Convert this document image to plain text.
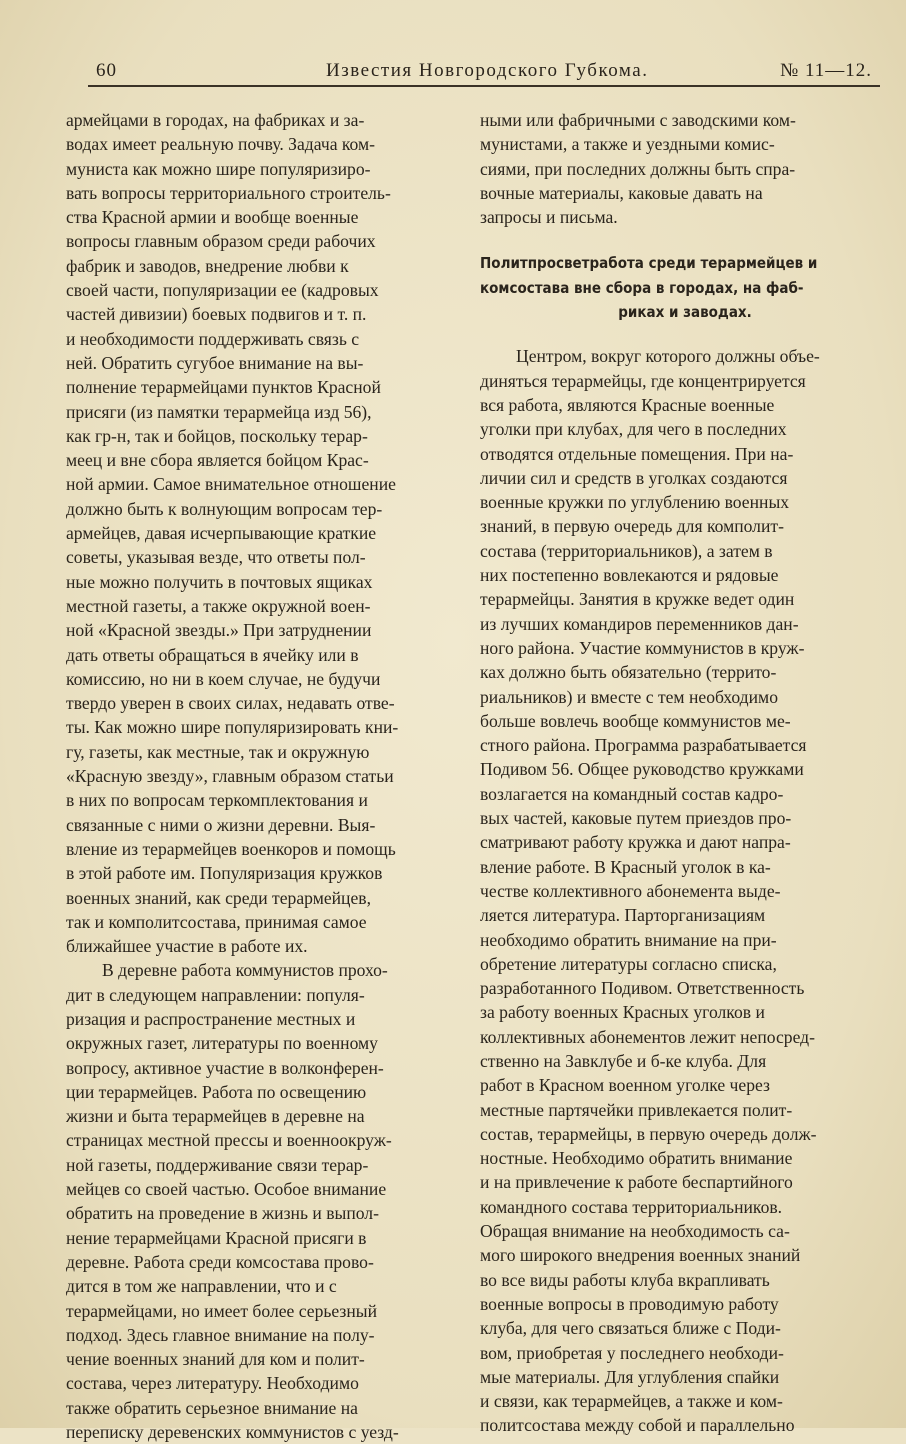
60	Известия Новгородского Губкома.	№ 11—12.
армейцами в городах, на фабриках и за-
водах имеет реальную почву. Задача ком-
муниста как можно шире популяризиро-
вать вопросы территориального строитель-
ства Красной армии и вообще военные
вопросы главным образом среди рабочих
фабрик и заводов, внедрение любви к
своей части, популяризации ее (кадровых
частей дивизии) боевых подвигов и т. п.
и необходимости поддерживать связь с
ней. Обратить сугубое внимание на вы-
полнение терармейцами пунктов Красной
присяги (из памятки терармейца изд 56),
как гр-н, так и бойцов, поскольку терар-
меец и вне сбора является бойцом Крас-
ной армии. Самое внимательное отношение
должно быть к волнующим вопросам тер-
армейцев, давая исчерпывающие краткие
советы, указывая везде, что ответы пол-
ные можно получить в почтовых ящиках
местной газеты, а также окружной воен-
ной «Красной звезды.» При затруднении
дать ответы обращаться в ячейку или в
комиссию, но ни в коем случае, не будучи
твердо уверен в своих силах, недавать отве-
ты. Как можно шире популяризировать кни-
гу, газеты, как местные, так и окружную
«Красную звезду», главным образом статьи
в них по вопросам теркомплектования и
связанные с ними о жизни деревни. Выя-
вление из терармейцев военкоров и помощь
в этой работе им. Популяризация кружков
военных знаний, как среди терармейцев,
так и комполитсостава, принимая самое
ближайшее участие в работе их.
В деревне работа коммунистов прохо-
дит в следующем направлении: популя-
ризация и распространение местных и
окружных газет, литературы по военному
вопросу, активное участие в волконферен-
ции терармейцев. Работа по освещению
жизни и быта терармейцев в деревне на
страницах местной прессы и военноокруж-
ной газеты, поддерживание связи терар-
мейцев со своей частью. Особое внимание
обратить на проведение в жизнь и выпол-
нение терармейцами Красной присяги в
деревне. Работа среди комсостава прово-
дится в том же направлении, что и с
терармейцами, но имеет более серьезный
подход. Здесь главное внимание на полу-
чение военных знаний для ком и полит-
состава, через литературу. Необходимо
также обратить серьезное внимание на
переписку деревенских коммунистов с уезд-
ными или фабричными с заводскими ком-
мунистами, а также и уездными комис-
сиями, при последних должны быть спра-
вочные материалы, каковые давать на
запросы и письма.
Политпросветработа среди терармейцев и
комсостава вне сбора в городах, на фаб-
риках и заводах.
Центром, вокруг которого должны объе-
диняться терармейцы, где концентрируется
вся работа, являются Красные военные
уголки при клубах, для чего в последних
отводятся отдельные помещения. При на-
личии сил и средств в уголках создаются
военные кружки по углублению военных
знаний, в первую очередь для комполит-
состава (территориальников), а затем в
них постепенно вовлекаются и рядовые
терармейцы. Занятия в кружке ведет один
из лучших командиров переменников дан-
ного района. Участие коммунистов в круж-
ках должно быть обязательно (террито-
риальников) и вместе с тем необходимо
больше вовлечь вообще коммунистов ме-
стного района. Программа разрабатывается
Подивом 56. Общее руководство кружками
возлагается на командный состав кадро-
вых частей, каковые путем приездов про-
сматривают работу кружка и дают напра-
вление работе. В Красный уголок в ка-
честве коллективного абонемента выде-
ляется литература. Парторганизациям
необходимо обратить внимание на при-
обретение литературы согласно списка,
разработанного Подивом. Ответственность
за работу военных Красных уголков и
коллективных абонементов лежит непосред-
ственно на Завклубе и б-ке клуба. Для
работ в Красном военном уголке через
местные партячейки привлекается полит-
состав, терармейцы, в первую очередь долж-
ностные. Необходимо обратить внимание
и на привлечение к работе беспартийного
командного состава территориальников.
Обращая внимание на необходимость са-
мого широкого внедрения военных знаний
во все виды работы клуба вкрапливать
военные вопросы в проводимую работу
клуба, для чего связаться ближе с Поди-
вом, приобретая у последнего необходи-
мые материалы. Для углубления спайки
и связи, как терармейцев, а также и ком-
политсостава между собой и параллельно
